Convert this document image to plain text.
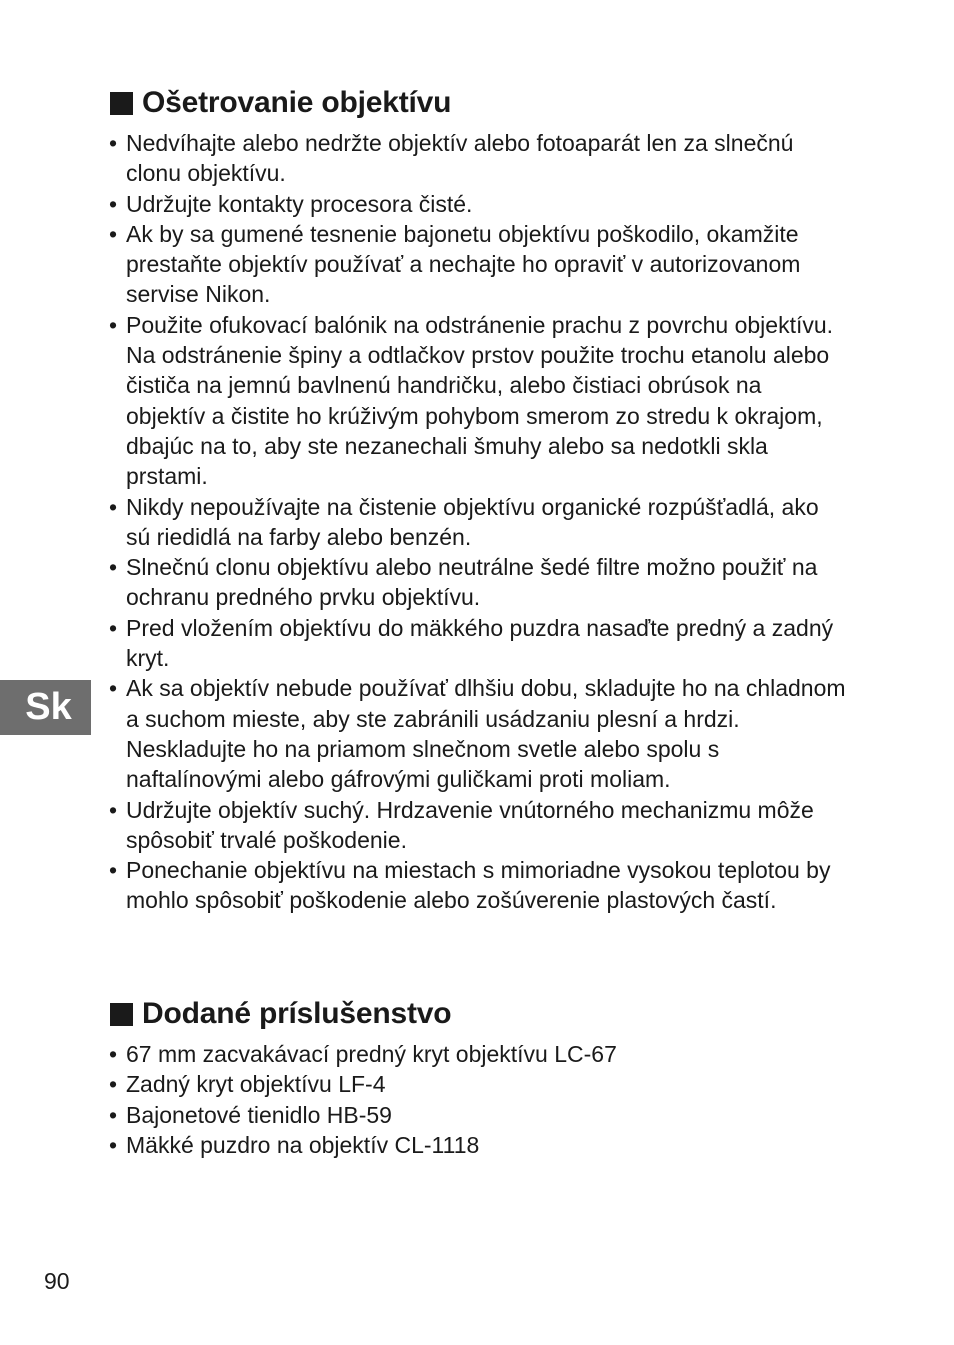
Ošetrovanie objektívu
• Nedvíhajte alebo nedržte objektív alebo fotoaparát len za slnečnú clonu objektívu.
• Udržujte kontakty procesora čisté.
• Ak by sa gumené tesnenie bajonetu objektívu poškodilo, okamžite prestaňte objektív používať a nechajte ho opraviť v autorizovanom servise Nikon.
• Použite ofukovací balónik na odstránenie prachu z povrchu objektívu. Na odstránenie špiny a odtlačkov prstov použite trochu etanolu alebo čističa na jemnú bavlnenú handričku, alebo čistiaci obrúsok na objektív a čistite ho krúživým pohybom smerom zo stredu k okrajom, dbajúc na to, aby ste nezanechali šmuhy alebo sa nedotkli skla prstami.
• Nikdy nepoužívajte na čistenie objektívu organické rozpúšťadlá, ako sú riedidlá na farby alebo benzén.
• Slnečnú clonu objektívu alebo neutrálne šedé filtre možno použiť na ochranu predného prvku objektívu.
• Pred vložením objektívu do mäkkého puzdra nasaďte predný a zadný kryt.
• Ak sa objektív nebude používať dlhšiu dobu, skladujte ho na chladnom a suchom mieste, aby ste zabránili usádzaniu plesní a hrdzi. Neskladujte ho na priamom slnečnom svetle alebo spolu s naftalínovými alebo gáfrovými guličkami proti moliam.
• Udržujte objektív suchý. Hrdzavenie vnútorného mechanizmu môže spôsobiť trvalé poškodenie.
• Ponechanie objektívu na miestach s mimoriadne vysokou teplotou by mohlo spôsobiť poškodenie alebo zošúverenie plastových častí.
Dodané príslušenstvo
• 67 mm zacvakávací predný kryt objektívu LC-67
• Zadný kryt objektívu LF-4
• Bajonetové tienidlo HB-59
• Mäkké puzdro na objektív CL-1118
Sk
90
